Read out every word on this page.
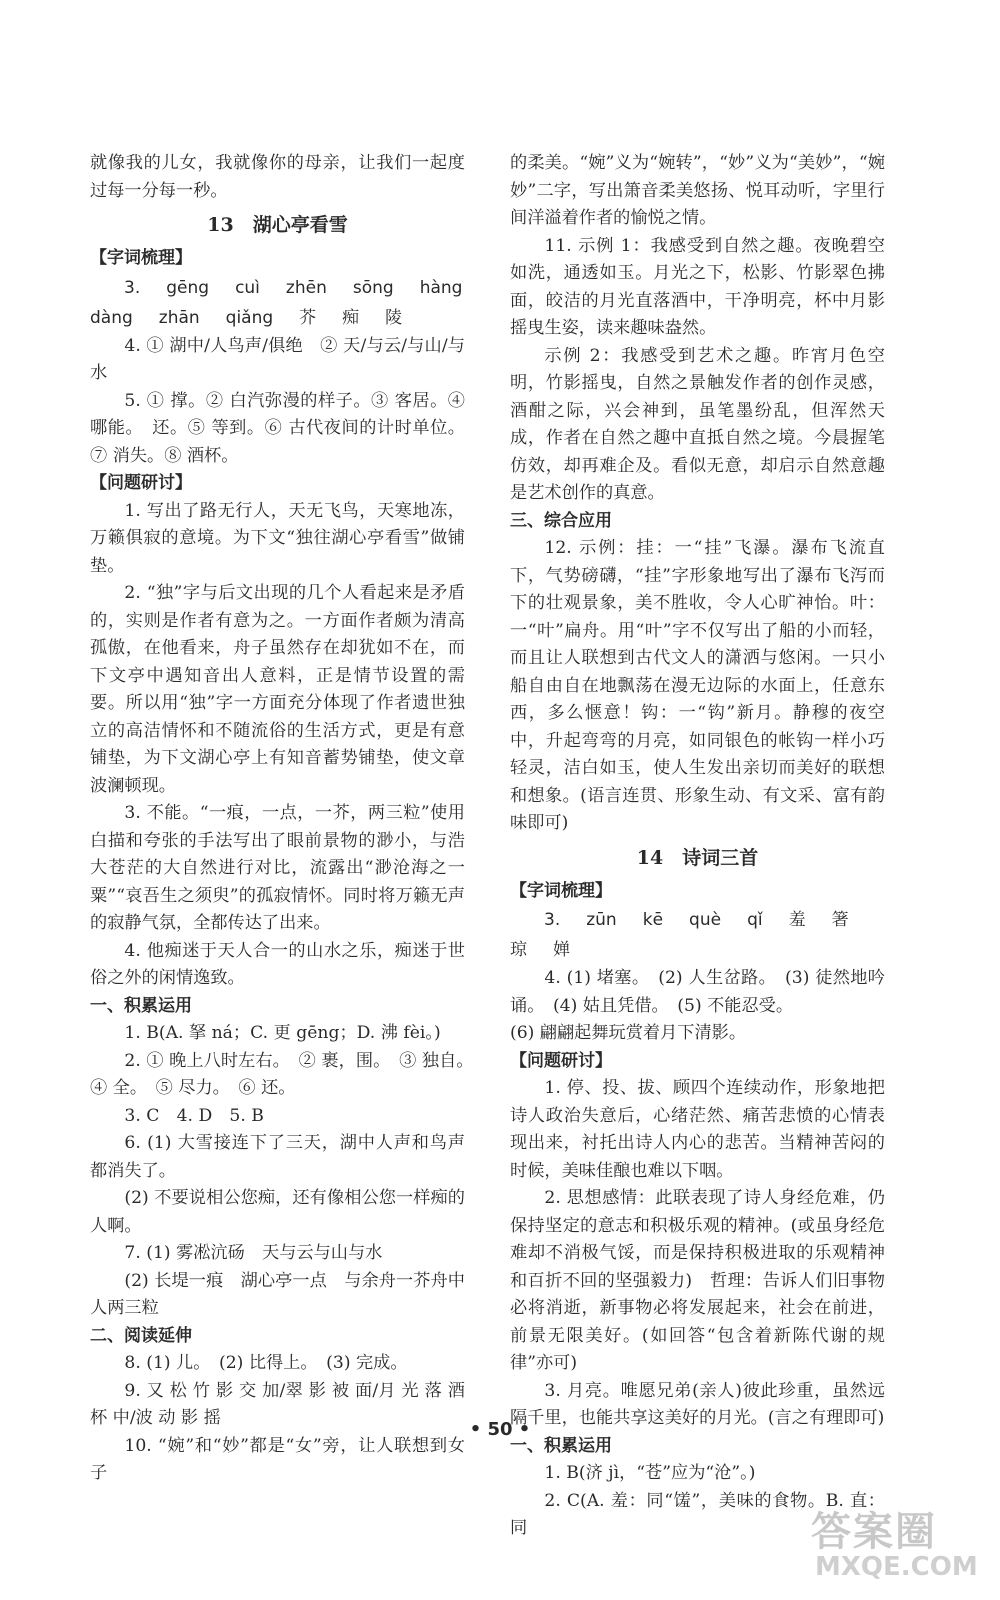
就像我的儿女，我就像你的母亲，让我们一起度过每一分每一秒。

13　湖心亭看雪

【字词梳理】

3. gēng cuì zhēn sōng hàng

dàng zhān qiǎng 芥 痴 陵

4. ① 湖中/人鸟声/俱绝　② 天/与云/与山/与水

5. ① 撑。② 白汽弥漫的样子。③ 客居。④ 哪能。　还。⑤ 等到。⑥ 古代夜间的计时单位。⑦ 消失。⑧ 酒杯。

【问题研讨】

1. 写出了路无行人，天无飞鸟，天寒地冻，万籁俱寂的意境。为下文“独往湖心亭看雪”做铺垫。

2. “独”字与后文出现的几个人看起来是矛盾的，实则是作者有意为之。一方面作者颇为清高孤傲，在他看来，舟子虽然存在却犹如不在，而下文亭中遇知音出人意料，正是情节设置的需要。所以用“独”字一方面充分体现了作者遗世独立的高洁情怀和不随流俗的生活方式，更是有意铺垫，为下文湖心亭上有知音蓄势铺垫，使文章波澜顿现。

3. 不能。“一痕，一点，一芥，两三粒”使用白描和夸张的手法写出了眼前景物的渺小，与浩大苍茫的大自然进行对比，流露出“渺沧海之一粟”“哀吾生之须臾”的孤寂情怀。同时将万籁无声的寂静气氛，全都传达了出来。

4. 他痴迷于天人合一的山水之乐，痴迷于世俗之外的闲情逸致。

一、积累运用

1. B(A. 拏 ná；C. 更 gēng；D. 沸 fèi。)

2. ① 晚上八时左右。　② 裹，围。　③ 独自。　④ 全。　⑤ 尽力。　⑥ 还。

3. C　4. D　5. B

6. (1) 大雪接连下了三天，湖中人声和鸟声都消失了。

(2) 不要说相公您痴，还有像相公您一样痴的人啊。

7. (1) 雾凇沆砀　天与云与山与水

(2) 长堤一痕　湖心亭一点　与余舟一芥舟中人两三粒

二、阅读延伸

8. (1) 儿。　(2) 比得上。　(3) 完成。

9. 又 松 竹 影 交 加/翠 影 被 面/月 光 落 酒 杯 中/波 动 影 摇

10. “婉”和“妙”都是“女”旁，让人联想到女子

的柔美。“婉”义为“婉转”，“妙”义为“美妙”，“婉妙”二字，写出箫音柔美悠扬、悦耳动听，字里行间洋溢着作者的愉悦之情。

11. 示例 1：我感受到自然之趣。夜晚碧空如洗，通透如玉。月光之下，松影、竹影翠色拂面，皎洁的月光直落酒中，干净明亮，杯中月影摇曳生姿，读来趣味盎然。

示例 2：我感受到艺术之趣。昨宵月色空明，竹影摇曳，自然之景触发作者的创作灵感，酒酣之际，兴会神到，虽笔墨纷乱，但浑然天成，作者在自然之趣中直抵自然之境。今晨握笔仿效，却再难企及。看似无意，却启示自然意趣是艺术创作的真意。

三、综合应用

12. 示例：挂：一“挂”飞瀑。瀑布飞流直下，气势磅礴，“挂”字形象地写出了瀑布飞泻而下的壮观景象，美不胜收，令人心旷神怡。叶：一“叶”扁舟。用“叶”字不仅写出了船的小而轻，而且让人联想到古代文人的潇洒与悠闲。一只小船自由自在地飘荡在漫无边际的水面上，任意东西，多么惬意！钩：一“钩”新月。静穆的夜空中，升起弯弯的月亮，如同银色的帐钩一样小巧轻灵，洁白如玉，使人生发出亲切而美好的联想和想象。(语言连贯、形象生动、有文采、富有韵味即可)

14　诗词三首

【字词梳理】

3. zūn kē què qǐ 羞 箸琼 婵

4. (1) 堵塞。　(2) 人生岔路。　(3) 徒然地吟诵。　(4) 姑且凭借。　(5) 不能忍受。

(6) 翩翩起舞玩赏着月下清影。

【问题研讨】

1. 停、投、拔、顾四个连续动作，形象地把诗人政治失意后，心绪茫然、痛苦悲愤的心情表现出来，衬托出诗人内心的悲苦。当精神苦闷的时候，美味佳酿也难以下咽。

2. 思想感情：此联表现了诗人身经危难，仍保持坚定的意志和积极乐观的精神。(或虽身经危难却不消极气馁，而是保持积极进取的乐观精神和百折不回的坚强毅力)　哲理：告诉人们旧事物必将消逝，新事物必将发展起来，社会在前进，前景无限美好。(如回答“包含着新陈代谢的规律”亦可)

3. 月亮。唯愿兄弟(亲人)彼此珍重，虽然远隔千里，也能共享这美好的月光。(言之有理即可)

一、积累运用

1. B(济 jì，“苍”应为“沧”。)

2. C(A. 羞：同“馐”，美味的食物。B. 直：同

• 50 •
答案圈
MXQE.COM
